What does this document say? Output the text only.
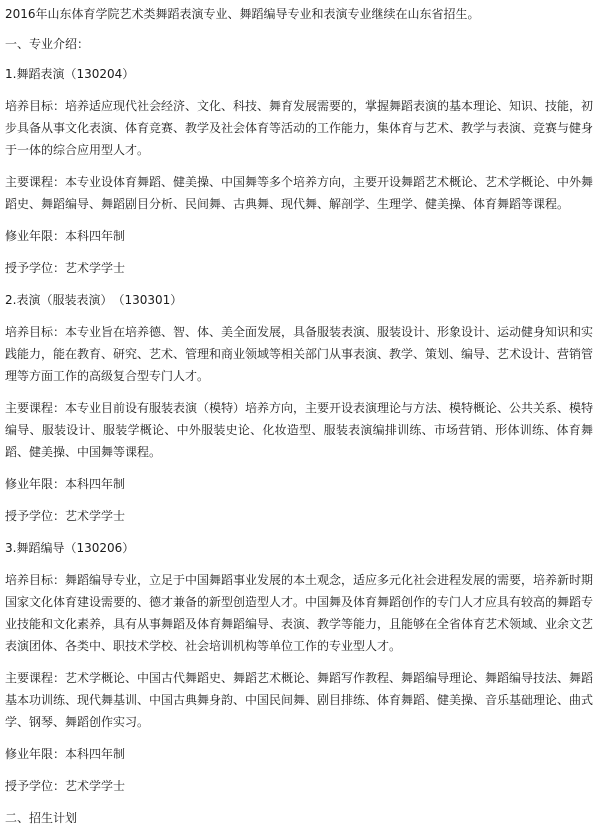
2016年山东体育学院艺术类舞蹈表演专业、舞蹈编导专业和表演专业继续在山东省招生。

一、专业介绍：

1.舞蹈表演（130204）

培养目标：培养适应现代社会经济、文化、科技、舞育发展需要的，掌握舞蹈表演的基本理论、知识、技能，初步具备从事文化表演、体育竞赛、教学及社会体育等活动的工作能力，集体育与艺术、教学与表演、竞赛与健身于一体的综合应用型人才。

主要课程：本专业设体育舞蹈、健美操、中国舞等多个培养方向，主要开设舞蹈艺术概论、艺术学概论、中外舞蹈史、舞蹈编导、舞蹈剧目分析、民间舞、古典舞、现代舞、解剖学、生理学、健美操、体育舞蹈等课程。

修业年限：本科四年制

授予学位：艺术学学士

2.表演（服装表演）　（130301）

培养目标：本专业旨在培养德、智、体、美全面发展，具备服装表演、服装设计、形象设计、运动健身知识和实践能力，能在教育、研究、艺术、管理和商业领域等相关部门从事表演、教学、策划、编导、艺术设计、营销管理等方面工作的高级复合型专门人才。

主要课程：本专业目前设有服装表演（模特）培养方向，主要开设表演理论与方法、模特概论、公共关系、模特编导、服装设计、服装学概论、中外服装史论、化妆造型、服装表演编排训练、市场营销、形体训练、体育舞蹈、健美操、中国舞等课程。

修业年限：本科四年制

授予学位：艺术学学士

3.舞蹈编导（130206）

培养目标：舞蹈编导专业，立足于中国舞蹈事业发展的本土观念，适应多元化社会进程发展的需要，培养新时期国家文化体育建设需要的、德才兼备的新型创造型人才。中国舞及体育舞蹈创作的专门人才应具有较高的舞蹈专业技能和文化素养，具有从事舞蹈及体育舞蹈编导、表演、教学等能力，且能够在全省体育艺术领域、业余文艺表演团体、各类中、职技术学校、社会培训机构等单位工作的专业型人才。

主要课程：艺术学概论、中国古代舞蹈史、舞蹈艺术概论、舞蹈写作教程、舞蹈编导理论、舞蹈编导技法、舞蹈基本功训练、现代舞基训、中国古典舞身韵、中国民间舞、剧目排练、体育舞蹈、健美操、音乐基础理论、曲式学、钢琴、舞蹈创作实习。

修业年限：本科四年制

授予学位：艺术学学士

二、招生计划
